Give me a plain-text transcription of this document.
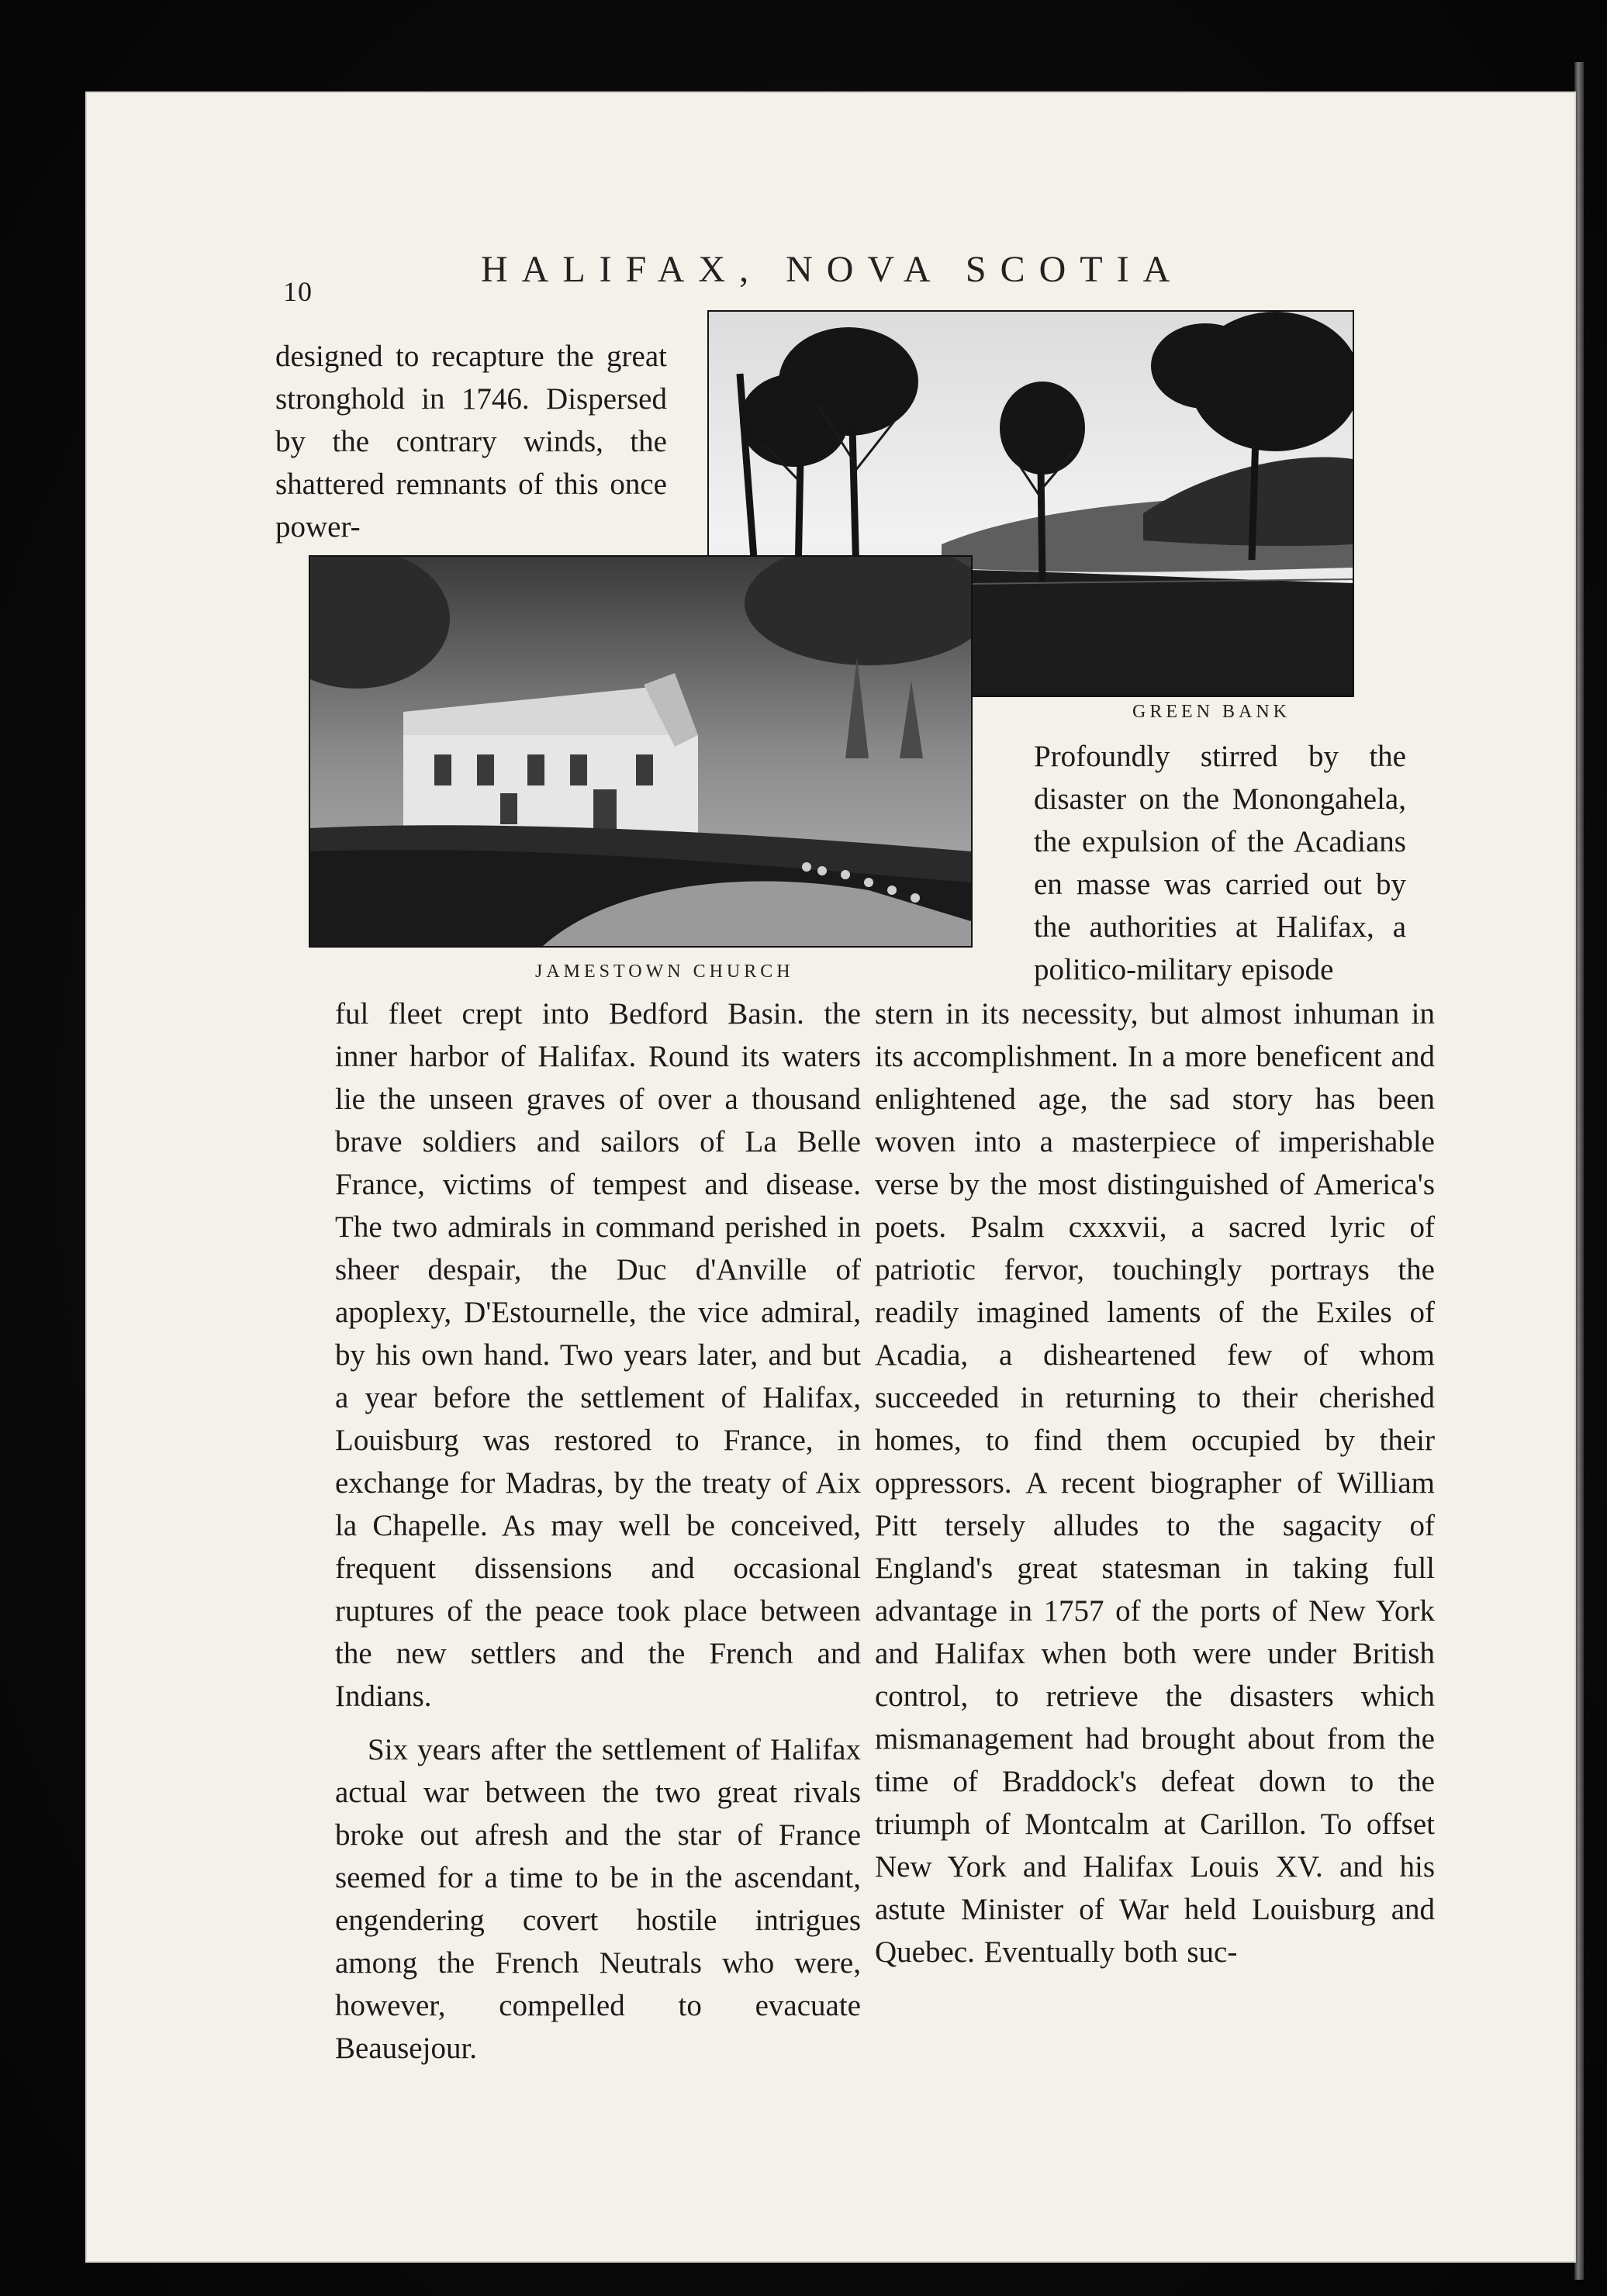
10
HALIFAX, NOVA SCOTIA

designed to recapture the great stronghold in 1746. Dispersed by the contrary winds, the shattered remnants of this once power-

GREEN BANK
JAMESTOWN CHURCH

Profoundly stirred by the disaster on the Monongahela, the expulsion of the Acadians en masse was carried out by the authorities at Halifax, a politico-military episode

ful fleet crept into Bedford Basin. the inner harbor of Halifax. Round its waters lie the unseen graves of over a thousand brave soldiers and sailors of La Belle France, victims of tempest and disease. The two admirals in command perished in sheer despair, the Duc d'Anville of apoplexy, D'Estournelle, the vice admiral, by his own hand. Two years later, and but a year before the settlement of Halifax, Louisburg was restored to France, in exchange for Madras, by the treaty of Aix la Chapelle. As may well be conceived, frequent dissensions and occasional ruptures of the peace took place between the new settlers and the French and Indians.

Six years after the settlement of Halifax actual war between the two great rivals broke out afresh and the star of France seemed for a time to be in the ascendant, engendering covert hostile intrigues among the French Neutrals who were, however, compelled to evacuate Beausejour.

stern in its necessity, but almost inhuman in its accomplishment. In a more beneficent and enlightened age, the sad story has been woven into a masterpiece of imperishable verse by the most distinguished of America's poets. Psalm cxxxvii, a sacred lyric of patriotic fervor, touchingly portrays the readily imagined laments of the Exiles of Acadia, a disheartened few of whom succeeded in returning to their cherished homes, to find them occupied by their oppressors. A recent biographer of William Pitt tersely alludes to the sagacity of England's great statesman in taking full advantage in 1757 of the ports of New York and Halifax when both were under British control, to retrieve the disasters which mismanagement had brought about from the time of Braddock's defeat down to the triumph of Montcalm at Carillon. To offset New York and Halifax Louis XV. and his astute Minister of War held Louisburg and Quebec. Eventually both suc-
